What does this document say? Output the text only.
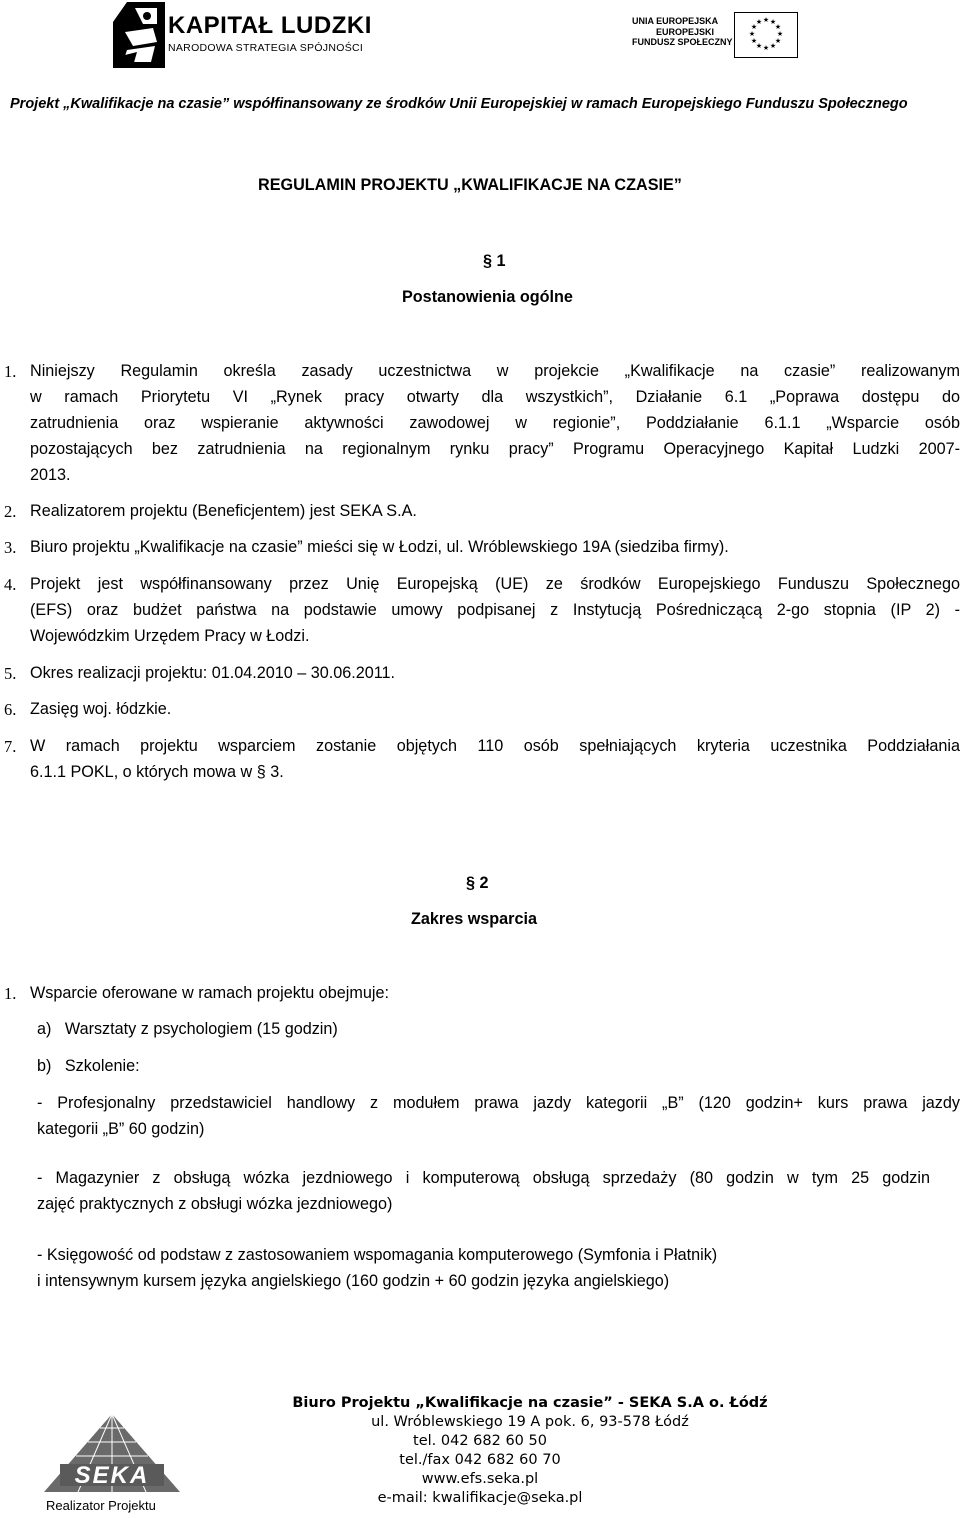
KAPITAŁ LUDZKI
NARODOWA STRATEGIA SPÓJNOŚCI
UNIA EUROPEJSKA
EUROPEJSKI
FUNDUSZ SPOŁECZNY
★ ★
★
★
★
★
★
★
★
★
★
★
Projekt „Kwalifikacje na czasie” współfinansowany ze środków Unii Europejskiej w ramach Europejskiego Funduszu Społecznego
REGULAMIN PROJEKTU „KWALIFIKACJE NA CZASIE”
§ 1
Postanowienia ogólne
1. Niniejszy Regulamin określa zasady uczestnictwa w projekcie „Kwalifikacje na czasie” realizowanym
w ramach Priorytetu VI „Rynek pracy otwarty dla wszystkich”, Działanie 6.1 „Poprawa dostępu do
zatrudnienia oraz wspieranie aktywności zawodowej w regionie”, Poddziałanie 6.1.1 „Wsparcie osób
pozostających bez zatrudnienia na regionalnym rynku pracy” Programu Operacyjnego Kapitał Ludzki 2007-
2013.
2. Realizatorem projektu (Beneficjentem) jest SEKA S.A.
3. Biuro projektu „Kwalifikacje na czasie” mieści się w Łodzi, ul. Wróblewskiego 19A (siedziba firmy).
4. Projekt jest współfinansowany przez Unię Europejską (UE) ze środków Europejskiego Funduszu Społecznego
(EFS) oraz budżet państwa na podstawie umowy podpisanej z Instytucją Pośredniczącą 2-go stopnia (IP 2) -
Wojewódzkim Urzędem Pracy w Łodzi.
5. Okres realizacji projektu: 01.04.2010 – 30.06.2011.
6. Zasięg woj. łódzkie.
7. W ramach projektu wsparciem zostanie objętych 110 osób spełniających kryteria uczestnika Poddziałania
6.1.1 POKL, o których mowa w § 3.
§ 2
Zakres wsparcia
1. Wsparcie oferowane w ramach projektu obejmuje:
a)   Warsztaty z psychologiem (15 godzin)
b)   Szkolenie:
- Profesjonalny przedstawiciel handlowy z modułem prawa jazdy kategorii „B” (120 godzin+ kurs prawa jazdy
kategorii „B” 60 godzin)
- Magazynier z obsługą wózka jezdniowego i komputerową obsługą sprzedaży (80 godzin w tym 25 godzin
zajęć praktycznych z obsługi wózka jezdniowego)
- Księgowość od podstaw z zastosowaniem wspomagania komputerowego (Symfonia i Płatnik)
i intensywnym kursem języka angielskiego (160 godzin + 60 godzin języka angielskiego)
SEKA
Realizator Projektu
Biuro Projektu „Kwalifikacje na czasie” - SEKA S.A o. Łódź
ul. Wróblewskiego 19 A pok. 6, 93-578 Łódź
tel. 042 682 60 50
tel./fax 042 682 60 70
www.efs.seka.pl
e-mail: kwalifikacje@seka.pl
